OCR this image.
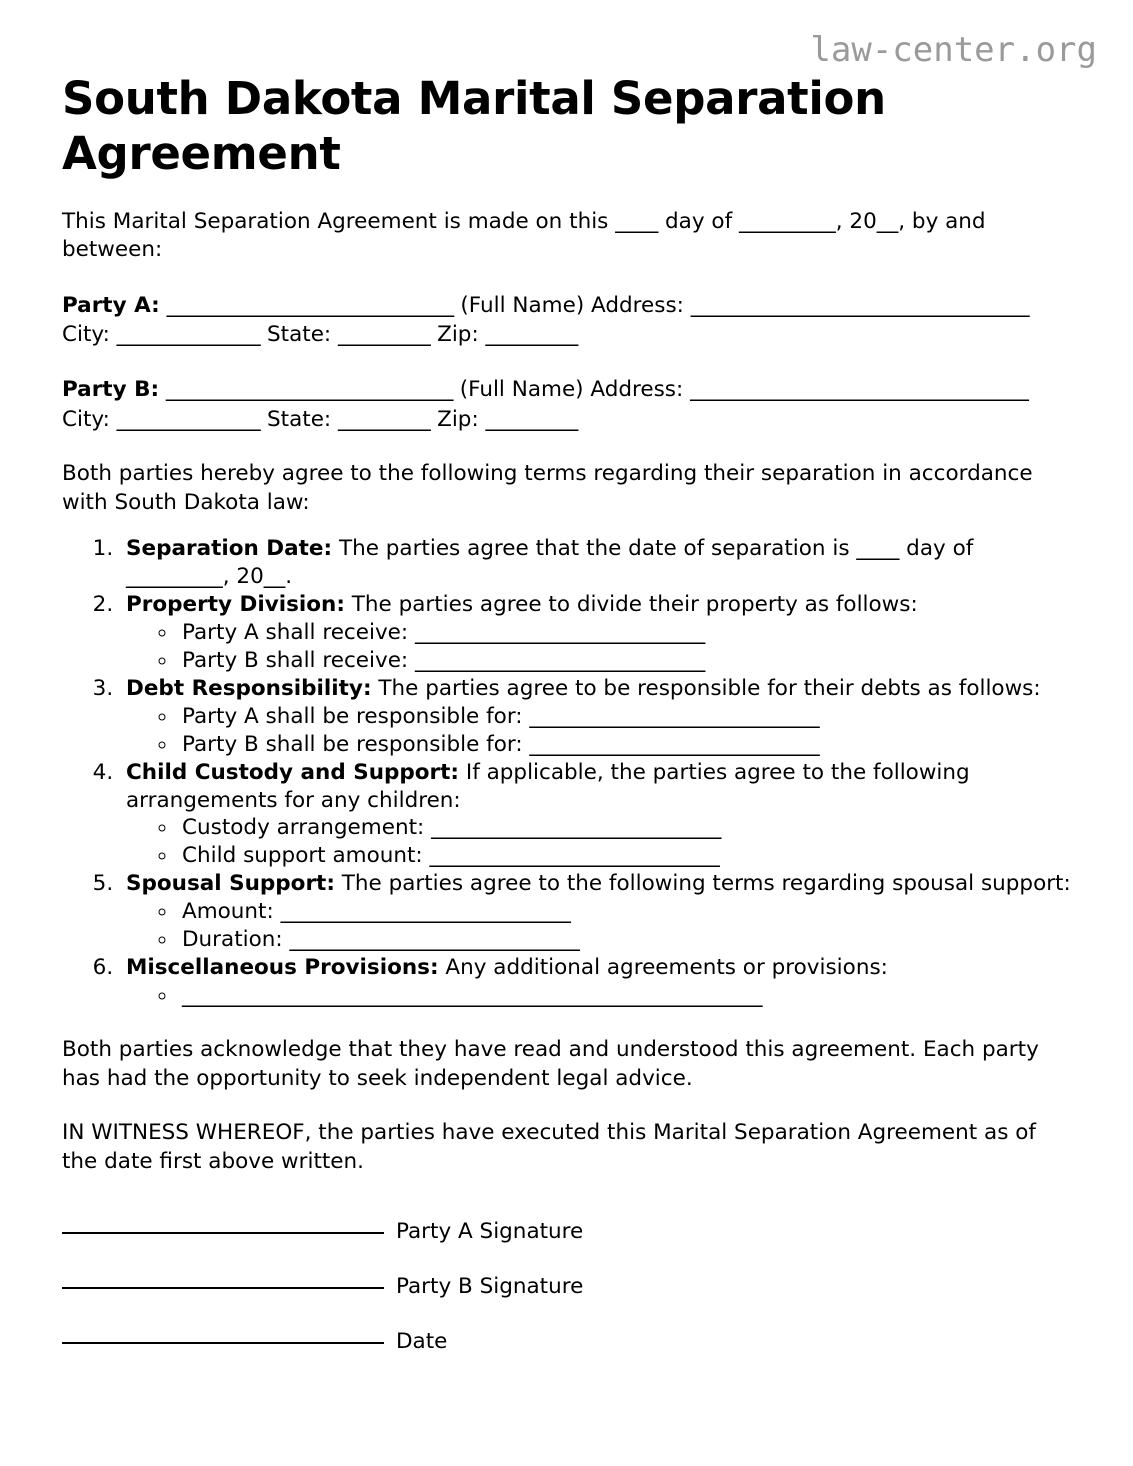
law-center.org
South Dakota Marital Separation Agreement

This Marital Separation Agreement is made on this ____ day of _________, 20__, by and between:

Party A: ____________________________ (Full Name) Address: _________________________________ City: ______________ State: _________ Zip: _________

Party B: ____________________________ (Full Name) Address: _________________________________ City: ______________ State: _________ Zip: _________

Both parties hereby agree to the following terms regarding their separation in accordance with South Dakota law:

1. Separation Date: The parties agree that the date of separation is ____ day of _________, 20__.
2. Property Division: The parties agree to divide their property as follows:
◦ Party A shall receive: ___________________________
◦ Party B shall receive: ___________________________
3. Debt Responsibility: The parties agree to be responsible for their debts as follows:
◦ Party A shall be responsible for: ___________________________
◦ Party B shall be responsible for: ___________________________
4. Child Custody and Support: If applicable, the parties agree to the following arrangements for any children:
◦ Custody arrangement: ___________________________
◦ Child support amount: ___________________________
5. Spousal Support: The parties agree to the following terms regarding spousal support:
◦ Amount: ___________________________
◦ Duration: ___________________________
6. Miscellaneous Provisions: Any additional agreements or provisions:
◦ ______________________________________________________

Both parties acknowledge that they have read and understood this agreement. Each party has had the opportunity to seek independent legal advice.

IN WITNESS WHEREOF, the parties have executed this Marital Separation Agreement as of the date first above written.

Party A Signature
Party B Signature
Date
